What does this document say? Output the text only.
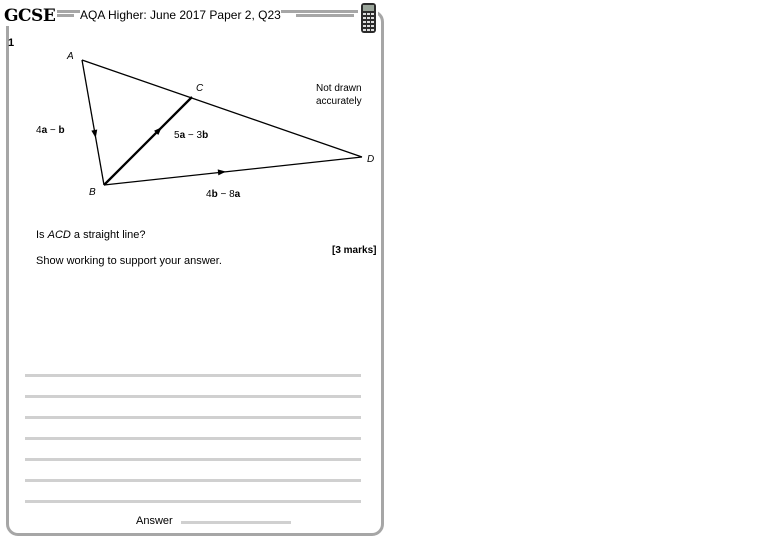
GCSE AQA Higher: June 2017 Paper 2, Q23
1
A
C
D
B
4a − b	5a − 3b
4b − 8a
Not drawn
accurately
Is ACD a straight line?
[3 marks]
Show working to support your answer.
Answer
